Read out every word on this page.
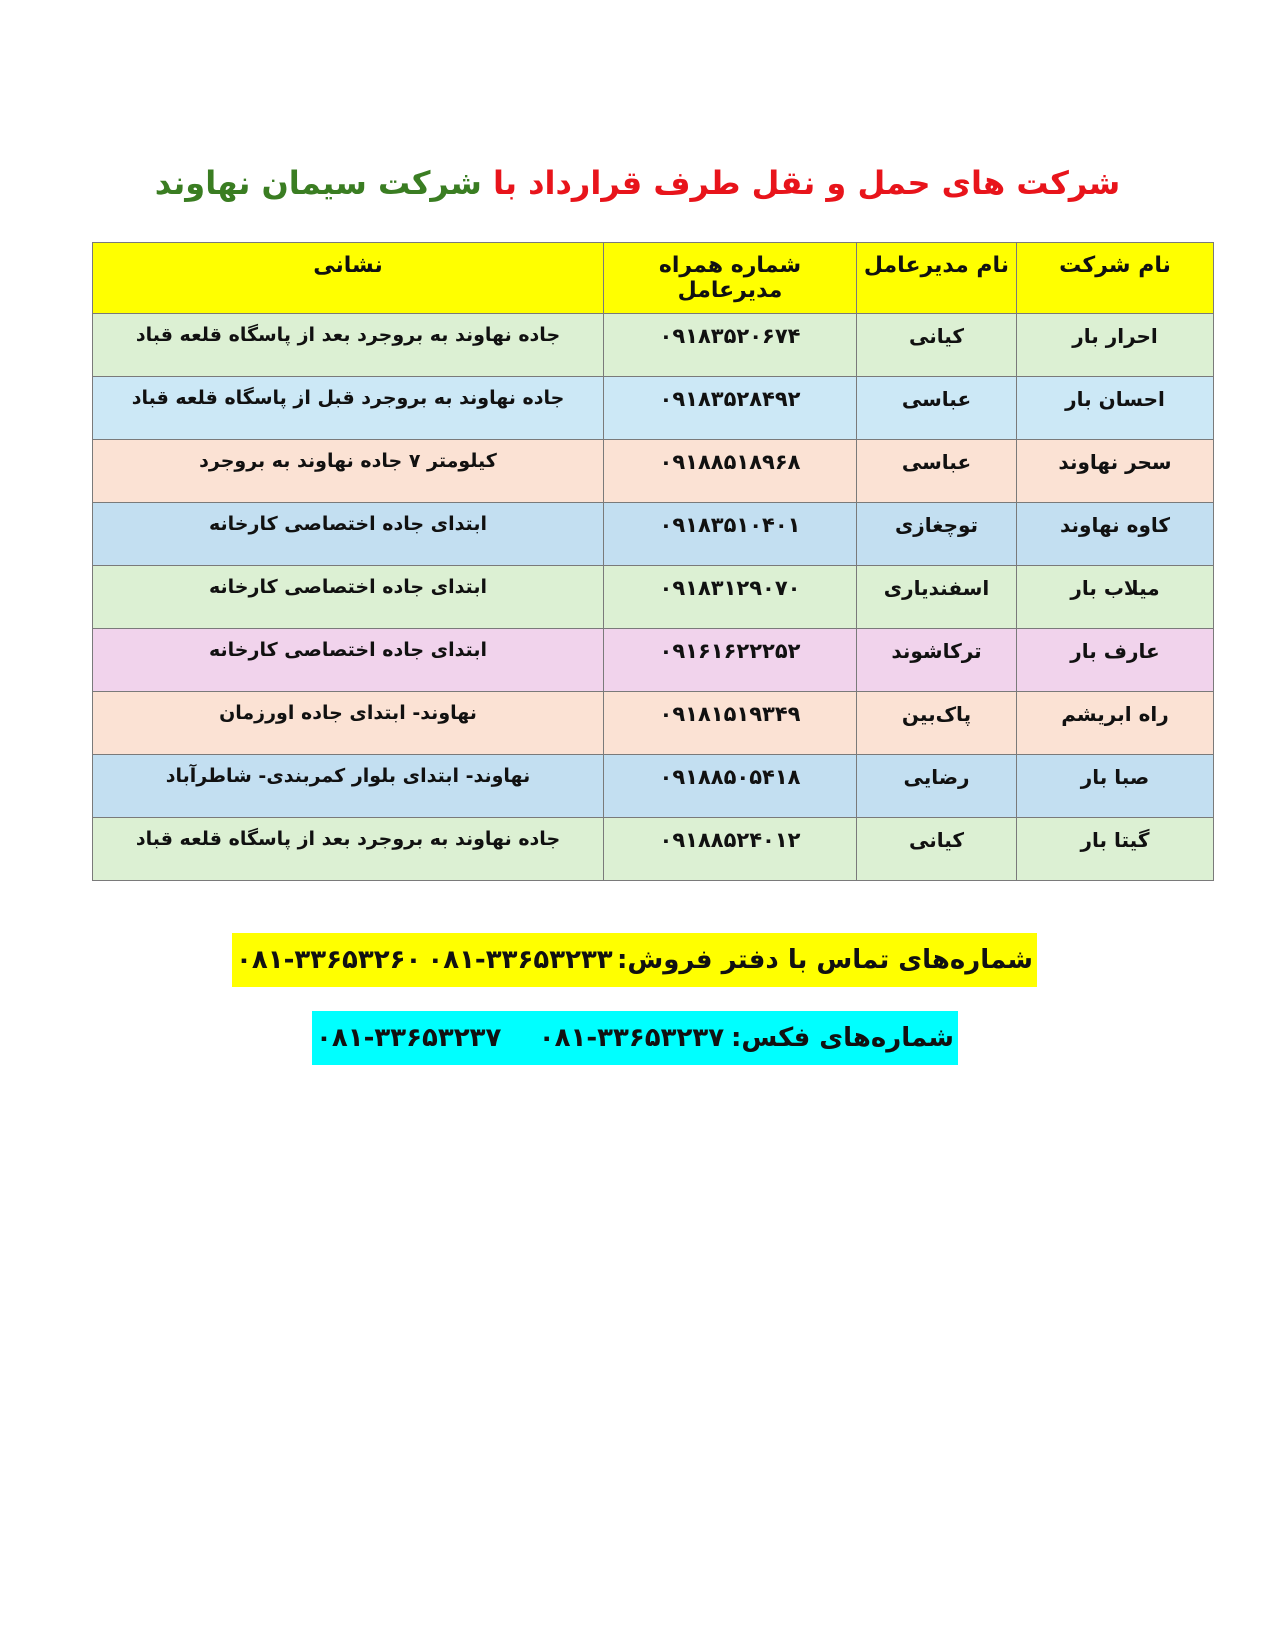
شرکت های حمل و نقل طرف قرارداد با شرکت سیمان نهاوند
نام شرکت	نام مدیرعامل	شماره همراه مدیرعامل	نشانی
احرار بار	کیانی	۰۹۱۸۳۵۲۰۶۷۴	جاده نهاوند به بروجرد بعد از پاسگاه قلعه قباد
احسان بار	عباسی	۰۹۱۸۳۵۲۸۴۹۲	جاده نهاوند به بروجرد قبل از پاسگاه قلعه قباد
سحر نهاوند	عباسی	۰۹۱۸۸۵۱۸۹۶۸	کیلومتر ۷ جاده نهاوند به بروجرد
کاوه نهاوند	توچغازی	۰۹۱۸۳۵۱۰۴۰۱	ابتدای جاده اختصاصی کارخانه
میلاب بار	اسفندیاری	۰۹۱۸۳۱۲۹۰۷۰	ابتدای جاده اختصاصی کارخانه
عارف بار	ترکاشوند	۰۹۱۶۱۶۲۲۲۵۲	ابتدای جاده اختصاصی کارخانه
راه ابریشم	پاک‌بین	۰۹۱۸۱۵۱۹۳۴۹	نهاوند- ابتدای جاده اورزمان
صبا بار	رضایی	۰۹۱۸۸۵۰۵۴۱۸	نهاوند- ابتدای بلوار کمربندی- شاطرآباد
گیتا بار	کیانی	۰۹۱۸۸۵۲۴۰۱۲	جاده نهاوند به بروجرد بعد از پاسگاه قلعه قباد
شماره‌های تماس با دفتر فروش:
۰۸۱-۳۳۶۵۳۲۳۳
۰۸۱-۳۳۶۵۳۲۶۰
شماره‌های فکس:
۰۸۱-۳۳۶۵۳۲۳۷
۰۸۱-۳۳۶۵۳۲۳۷
